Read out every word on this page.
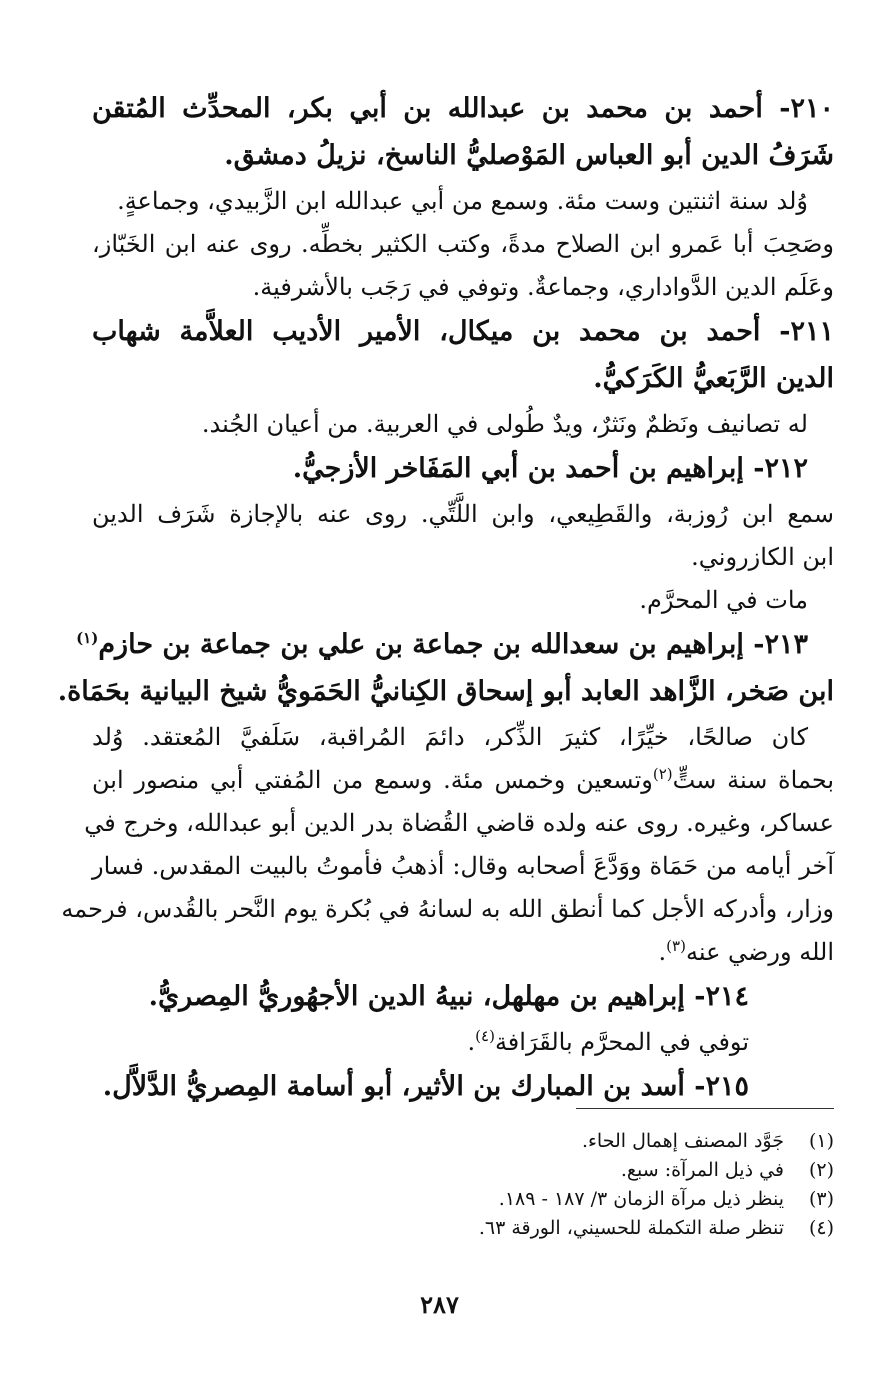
٢١٠- أحمد بن محمد بن عبدالله بن أبي بكر، المحدِّث المُتقن
شَرَفُ الدين أبو العباس المَوْصليُّ الناسخ، نزيلُ دمشق.
وُلد سنة اثنتين وست مئة. وسمع من أبي عبدالله ابن الزَّبيدي، وجماعةٍ.
وصَحِبَ أبا عَمرو ابن الصلاح مدةً، وكتب الكثير بخطِّه. روى عنه ابن الخَبّاز،
وعَلَم الدين الدَّواداري، وجماعةٌ. وتوفي في رَجَب بالأشرفية.
٢١١- أحمد بن محمد بن ميكال، الأمير الأديب العلاَّمة شهاب
الدين الرَّبَعيُّ الكَرَكيُّ.
له تصانيف ونَظمٌ ونَثرٌ، ويدٌ طُولى في العربية. من أعيان الجُند.
٢١٢- إبراهيم بن أحمد بن أبي المَفَاخر الأزجيُّ.
سمع ابن رُوزبة، والقَطِيعي، وابن اللَّتِّي. روى عنه بالإجازة شَرَف الدين
ابن الكازروني.
مات في المحرَّم.
٢١٣- إبراهيم بن سعدالله بن جماعة بن علي بن جماعة بن حازم$^{(١)}$
ابن صَخر، الزَّاهد العابد أبو إسحاق الكِنانيُّ الحَمَويُّ شيخ البيانية بحَمَاة.
كان صالحًا، خيِّرًا، كثيرَ الذِّكر، دائمَ المُراقبة، سَلَفيَّ المُعتقد. وُلد
بحماة سنة ستٍّ$^{(٢)}$وتسعين وخمس مئة. وسمع من المُفتي أبي منصور ابن
عساكر، وغيره. روى عنه ولده قاضي القُضاة بدر الدين أبو عبدالله، وخرج في
آخر أيامه من حَمَاة ووَدَّعَ أصحابه وقال: أذهبُ فأموتُ بالبيت المقدس. فسار
وزار، وأدركه الأجل كما أنطق الله به لسانهُ في بُكرة يوم النَّحر بالقُدس، فرحمه
الله ورضي عنه$^{(٣)}$.
٢١٤- إبراهيم بن مهلهل، نبيهُ الدين الأجهُوريُّ المِصريُّ.
توفي في المحرَّم بالقَرَافة$^{(٤)}$.
٢١٥- أسد بن المبارك بن الأثير، أبو أسامة المِصريُّ الدَّلاَّل.
(١)جَوَّد المصنف إهمال الحاء.
(٢)في ذيل المرآة: سبع.
(٣)ينظر ذيل مرآة الزمان ٣/ ١٨٧ - ١٨٩.
(٤)تنظر صلة التكملة للحسيني، الورقة ٦٣.
٢٨٧
